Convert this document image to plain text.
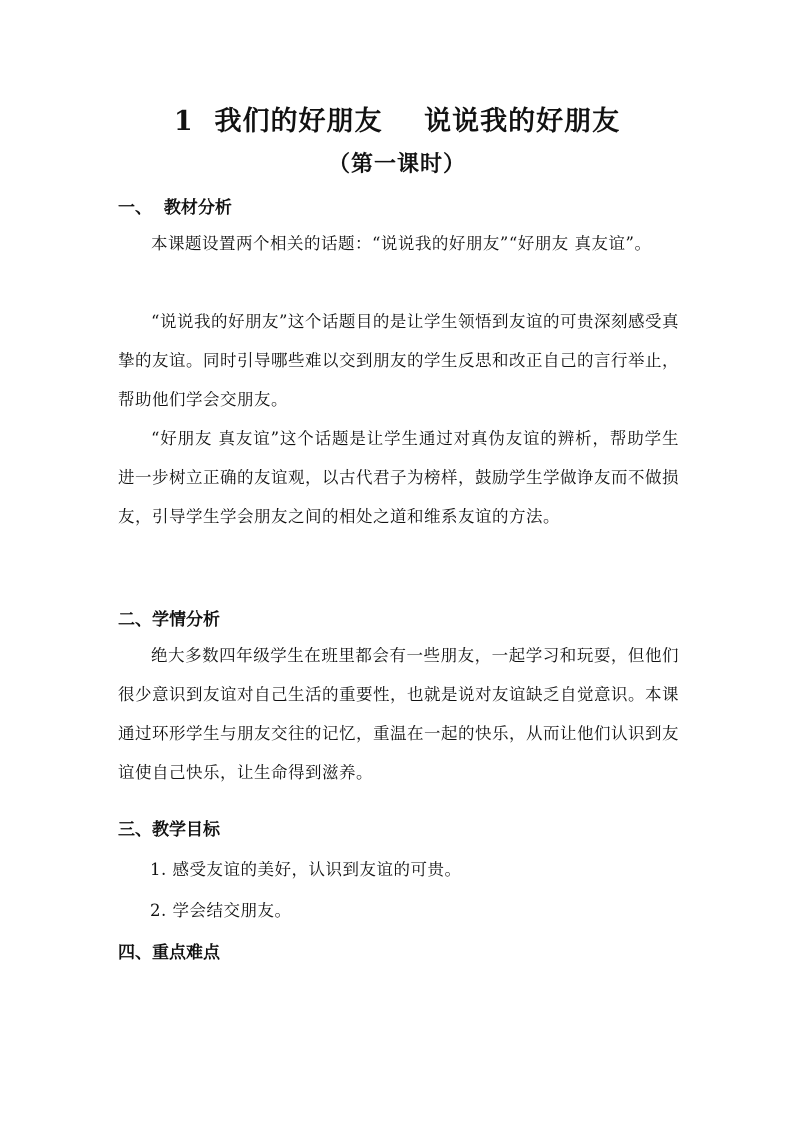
1  我们的好朋友    说说我的好朋友
（第一课时）
一、  教材分析
本课题设置两个相关的话题：“说说我的好朋友”“好朋友 真友谊”。
“说说我的好朋友”这个话题目的是让学生领悟到友谊的可贵深刻感受真挚的友谊。同时引导哪些难以交到朋友的学生反思和改正自己的言行举止，帮助他们学会交朋友。
“好朋友 真友谊”这个话题是让学生通过对真伪友谊的辨析，帮助学生进一步树立正确的友谊观，以古代君子为榜样，鼓励学生学做诤友而不做损友，引导学生学会朋友之间的相处之道和维系友谊的方法。
二、学情分析
绝大多数四年级学生在班里都会有一些朋友，一起学习和玩耍，但他们很少意识到友谊对自己生活的重要性，也就是说对友谊缺乏自觉意识。本课通过环形学生与朋友交往的记忆，重温在一起的快乐，从而让他们认识到友谊使自己快乐，让生命得到滋养。
三、教学目标
1. 感受友谊的美好，认识到友谊的可贵。
2. 学会结交朋友。
四、重点难点
